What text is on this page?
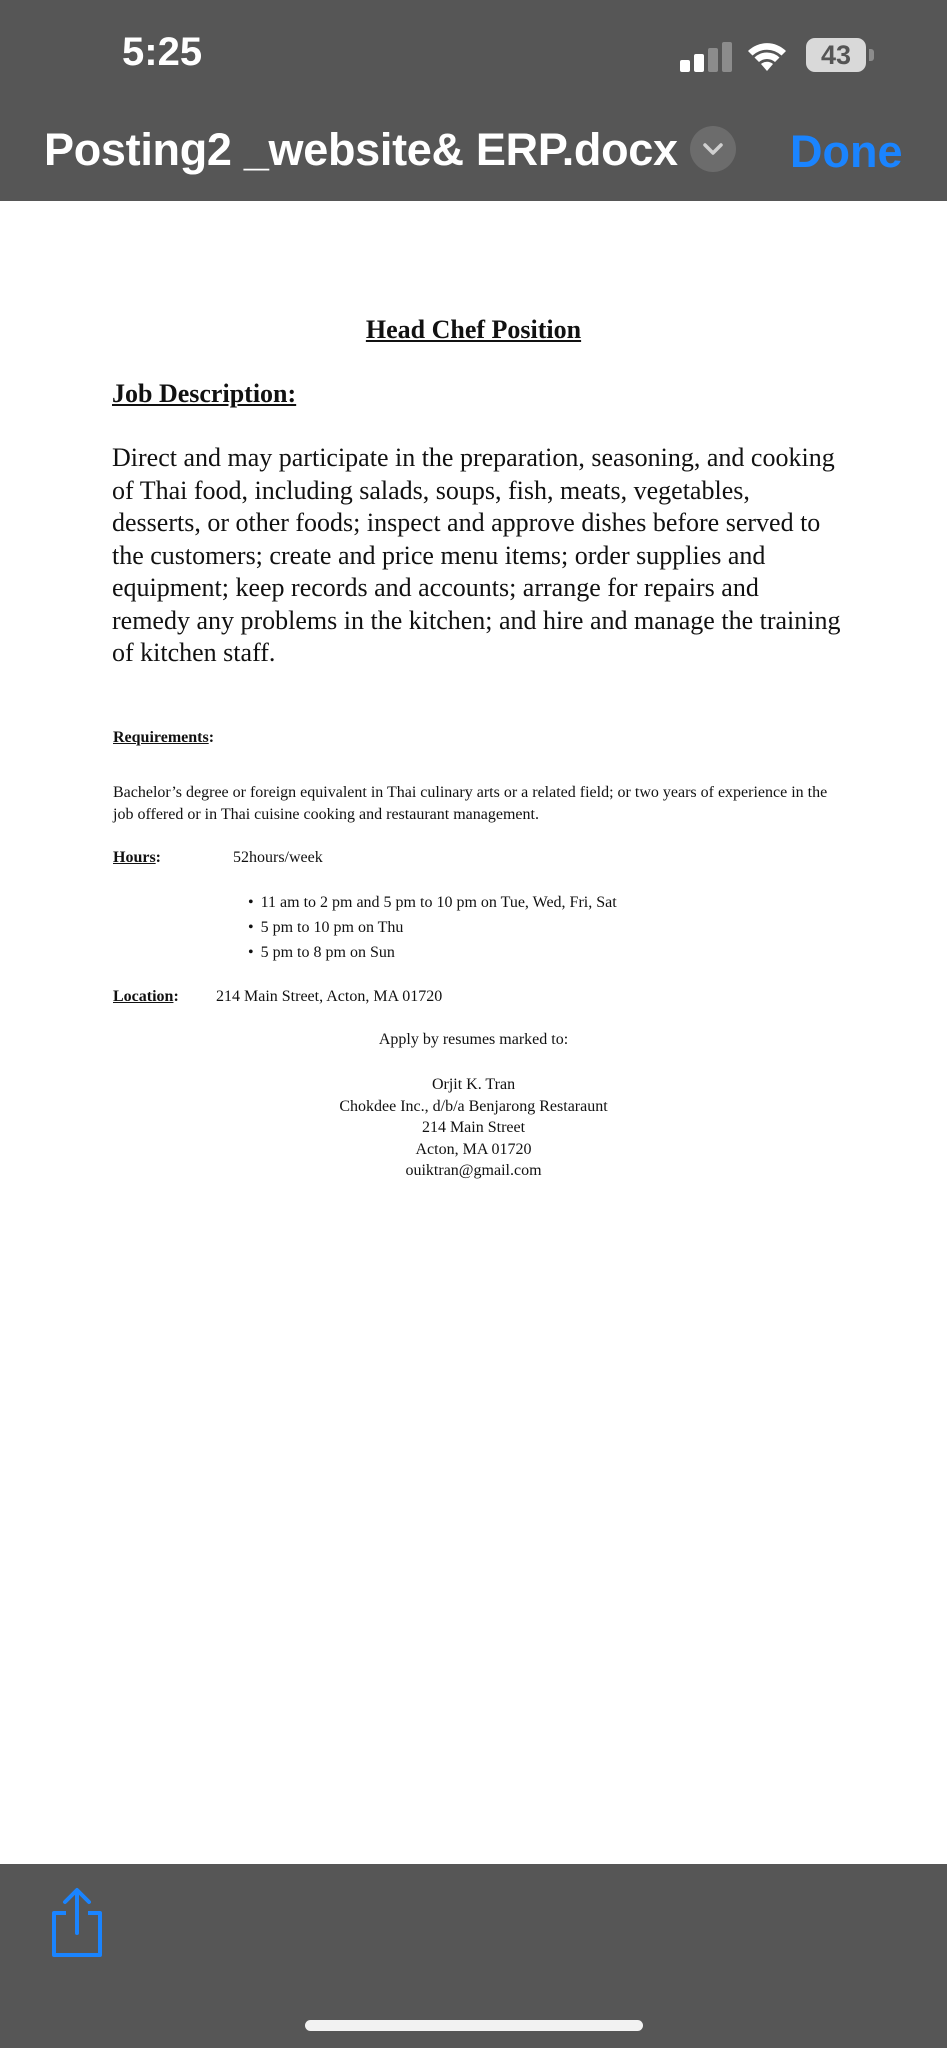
5:25	43
Posting2 _website& ERP.docx Done
Head Chef Position
Job Description:
Direct and may participate in the preparation, seasoning, and cooking of Thai food, including salads, soups, fish, meats, vegetables, desserts, or other foods; inspect and approve dishes before served to the customers; create and price menu items; order supplies and equipment; keep records and accounts; arrange for repairs and remedy any problems in the kitchen; and hire and manage the training of kitchen staff.
Requirements:
Bachelor’s degree or foreign equivalent in Thai culinary arts or a related field; or two years of experience in the job offered or in Thai cuisine cooking and restaurant management.
Hours:	52hours/week
• 11 am to 2 pm and 5 pm to 10 pm on Tue, Wed, Fri, Sat
• 5 pm to 10 pm on Thu
• 5 pm to 8 pm on Sun
Location: 214 Main Street, Acton, MA 01720
Apply by resumes marked to:
Orjit K. Tran
Chokdee Inc., d/b/a Benjarong Restaraunt
214 Main Street
Acton, MA 01720
ouiktran@gmail.com
